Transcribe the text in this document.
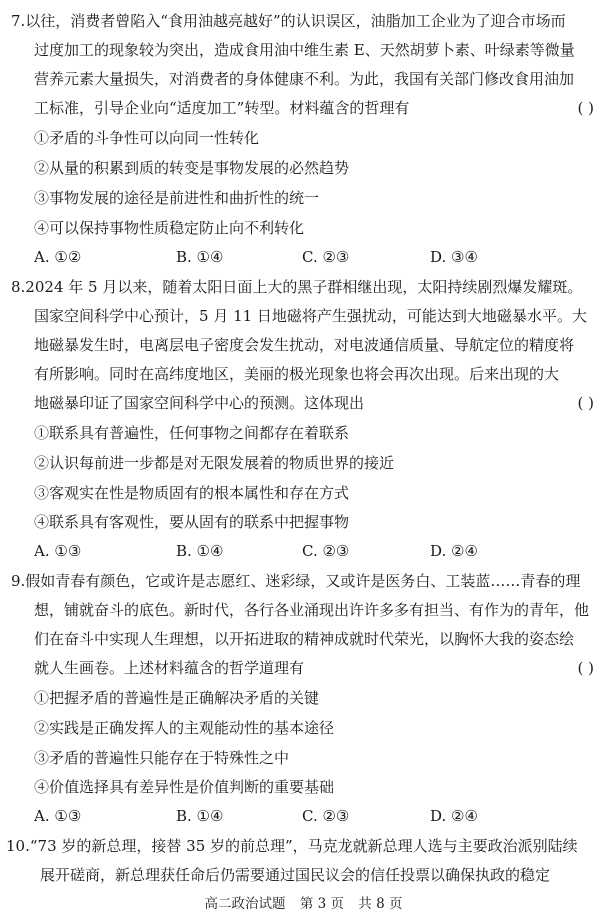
7.以往，消费者曾陷入“食用油越亮越好”的认识误区，油脂加工企业为了迎合市场而
过度加工的现象较为突出，造成食用油中维生素 E、天然胡萝卜素、叶绿素等微量
营养元素大量损失，对消费者的身体健康不利。为此，我国有关部门修改食用油加
工标准，引导企业向“适度加工”转型。材料蕴含的哲理有	( )
①矛盾的斗争性可以向同一性转化
②从量的积累到质的转变是事物发展的必然趋势
③事物发展的途径是前进性和曲折性的统一
④可以保持事物性质稳定防止向不利转化
A. ①②	B. ①④	C. ②③	D. ③④
8.2024 年 5 月以来，随着太阳日面上大的黑子群相继出现，太阳持续剧烈爆发耀斑。
国家空间科学中心预计，5 月 11 日地磁将产生强扰动，可能达到大地磁暴水平。大
地磁暴发生时，电离层电子密度会发生扰动，对电波通信质量、导航定位的精度将
有所影响。同时在高纬度地区，美丽的极光现象也将会再次出现。后来出现的大
地磁暴印证了国家空间科学中心的预测。这体现出	( )
①联系具有普遍性，任何事物之间都存在着联系
②认识每前进一步都是对无限发展着的物质世界的接近
③客观实在性是物质固有的根本属性和存在方式
④联系具有客观性，要从固有的联系中把握事物
A. ①③	B. ①④	C. ②③	D. ②④
9.假如青春有颜色，它或许是志愿红、迷彩绿，又或许是医务白、工装蓝……青春的理
想，铺就奋斗的底色。新时代，各行各业涌现出许许多多有担当、有作为的青年，他
们在奋斗中实现人生理想，以开拓进取的精神成就时代荣光，以胸怀大我的姿态绘
就人生画卷。上述材料蕴含的哲学道理有	( )
①把握矛盾的普遍性是正确解决矛盾的关键
②实践是正确发挥人的主观能动性的基本途径
③矛盾的普遍性只能存在于特殊性之中
④价值选择具有差异性是价值判断的重要基础
A. ①③	B. ①④	C. ②③	D. ②④
10.“73 岁的新总理，接替 35 岁的前总理”，马克龙就新总理人选与主要政治派别陆续
展开磋商，新总理获任命后仍需要通过国民议会的信任投票以确保执政的稳定
高二政治试题 第 3 页 共 8 页
